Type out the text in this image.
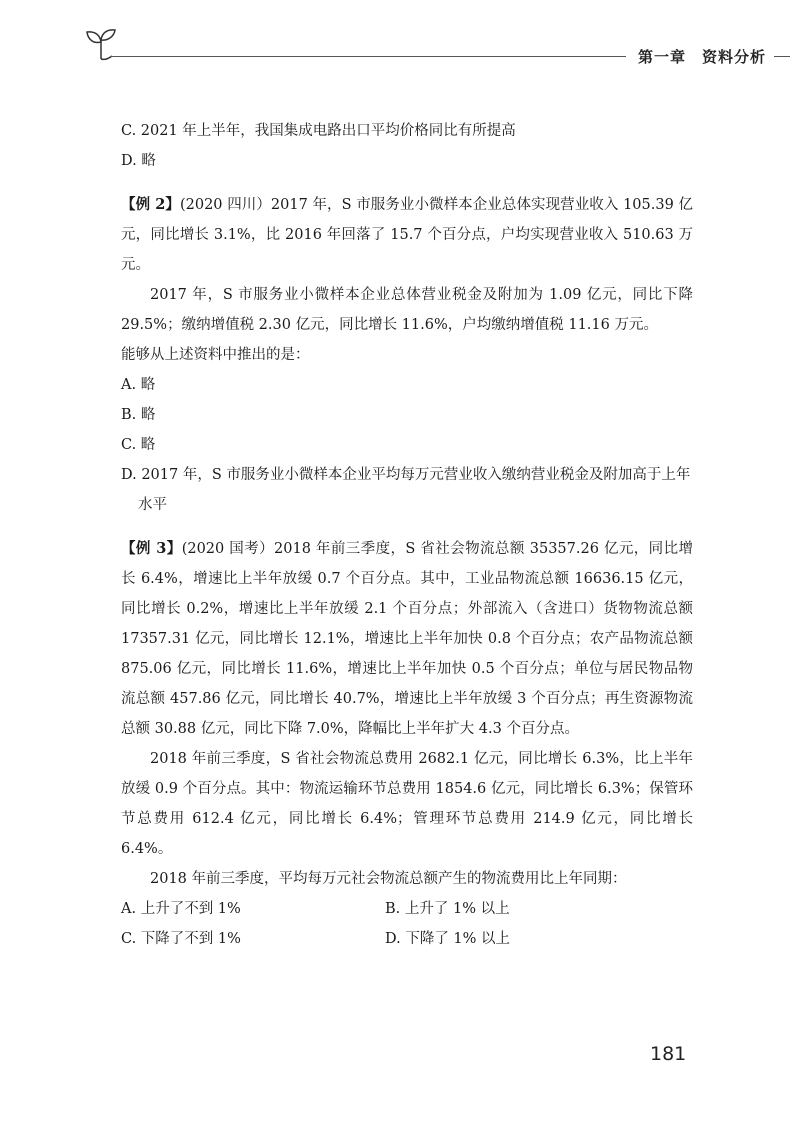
第一章　资料分析

C. 2021 年上半年，我国集成电路出口平均价格同比有所提高

D. 略

【例 2】(2020 四川）2017 年，S 市服务业小微样本企业总体实现营业收入 105.39 亿元，同比增长 3.1%，比 2016 年回落了 15.7 个百分点，户均实现营业收入 510.63 万元。

2017 年，S 市服务业小微样本企业总体营业税金及附加为 1.09 亿元，同比下降 29.5%；缴纳增值税 2.30 亿元，同比增长 11.6%，户均缴纳增值税 11.16 万元。

能够从上述资料中推出的是：

A. 略

B. 略

C. 略

D. 2017 年，S 市服务业小微样本企业平均每万元营业收入缴纳营业税金及附加高于上年水平

【例 3】(2020 国考）2018 年前三季度，S 省社会物流总额 35357.26 亿元，同比增长 6.4%，增速比上半年放缓 0.7 个百分点。其中，工业品物流总额 16636.15 亿元，同比增长 0.2%，增速比上半年放缓 2.1 个百分点；外部流入（含进口）货物物流总额 17357.31 亿元，同比增长 12.1%，增速比上半年加快 0.8 个百分点；农产品物流总额 875.06 亿元，同比增长 11.6%，增速比上半年加快 0.5 个百分点；单位与居民物品物流总额 457.86 亿元，同比增长 40.7%，增速比上半年放缓 3 个百分点；再生资源物流总额 30.88 亿元，同比下降 7.0%，降幅比上半年扩大 4.3 个百分点。

2018 年前三季度，S 省社会物流总费用 2682.1 亿元，同比增长 6.3%，比上半年放缓 0.9 个百分点。其中：物流运输环节总费用 1854.6 亿元，同比增长 6.3%；保管环节总费用 612.4 亿元，同比增长 6.4%；管理环节总费用 214.9 亿元，同比增长 6.4%。

2018 年前三季度，平均每万元社会物流总额产生的物流费用比上年同期：

A. 上升了不到 1%	B. 上升了 1% 以上

C. 下降了不到 1%	D. 下降了 1% 以上

181
